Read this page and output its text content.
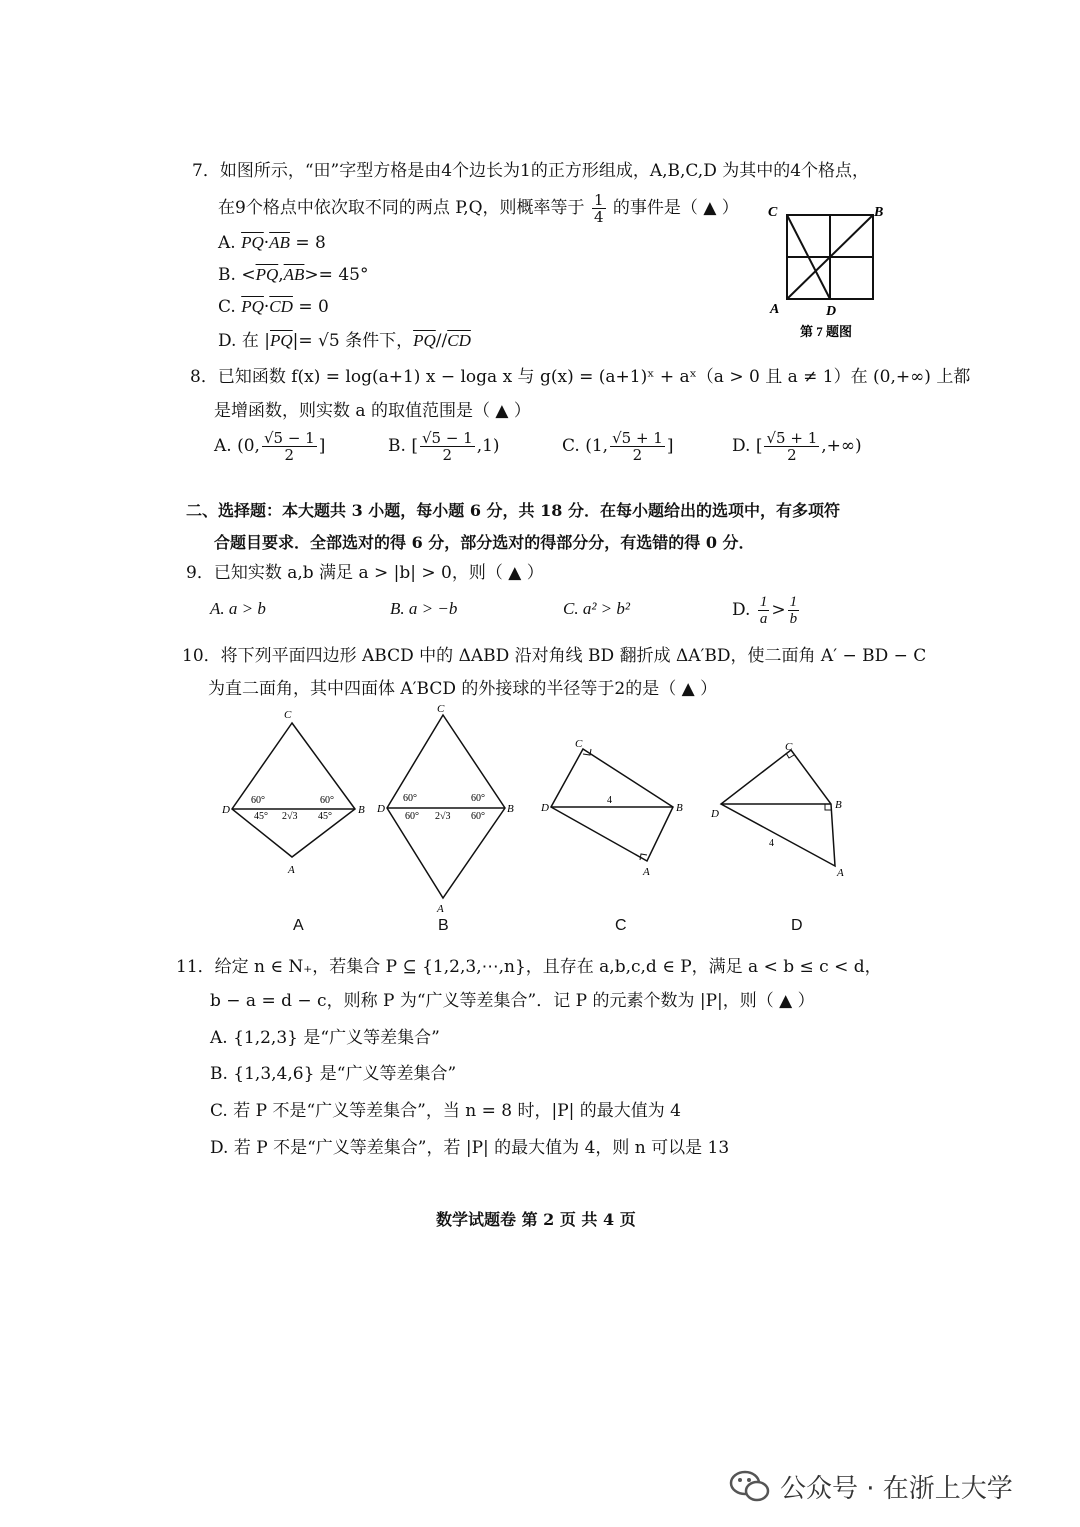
7．如图所示，“田”字型方格是由4个边长为1的正方形组成，A,B,C,D 为其中的4个格点，
在9个格点中依次取不同的两点 P,Q，则概率等于 $\frac{1}{4}$ 的事件是（ ▲ ）
A. $\overline{PQ}\cdot\overline{AB} = 8$
B. $<\overline{PQ},\overline{AB}>= 45^\circ$
C. $\overline{PQ}\cdot\overline{CD} = 0$
D. 在 $|\overline{PQ}|= √5$ 条件下，$\overline{PQ}//\overline{CD}$
C	B
A	D
第 7 题图
8．已知函数 f(x) = log(a+1) x − loga x 与 g(x) = (a+1)ˣ + aˣ（a > 0 且 a ≠ 1）在 (0,+∞) 上都
是增函数，则实数 a 的取值范围是（ ▲ ）
A. (0, $\frac{√5 - 1}{2}$ ]	B. [ $\frac{√5 - 1}{2} ,1$)	C. (1, $\frac{√5 + 1}{2}$ ]	D. [ $\frac{√5 + 1}{2}$ ,+∞)
二、选择题：本大题共 3 小题，每小题 6 分，共 18 分．在每小题给出的选项中，有多项符
合题目要求．全部选对的得 6 分，部分选对的得部分分，有选错的得 0 分．
9．已知实数 a,b 满足 a > |b| > 0，则（ ▲ ）
A. a > b	B. a > −b	C. a² > b²	D. $\frac{1}{a} > \frac{1}{b}$
10．将下列平面四边形 ABCD 中的 ΔABD 沿对角线 BD 翻折成 ΔA′BD，使二面角 A′ − BD − C
为直二面角，其中四面体 A′BCD 的外接球的半径等于2的是（ ▲ ）
C
D	B
A
60°	60°
45°	45°
2√3
A
C
D	B
A
60°	60°
60°	60°
2√3
B
C
D	B
A
4
C
C
D
B
A
4
D
11．给定 n ∈ N₊，若集合 P ⊆ {1,2,3,⋯,n}，且存在 a,b,c,d ∈ P，满足 a < b ≤ c < d，
b − a = d − c，则称 P 为“广义等差集合”．记 P 的元素个数为 |P|，则（ ▲ ）
A. {1,2,3} 是“广义等差集合”
B. {1,3,4,6} 是“广义等差集合”
C. 若 P 不是“广义等差集合”，当 n = 8 时，|P| 的最大值为 4
D. 若 P 不是“广义等差集合”，若 |P| 的最大值为 4，则 n 可以是 13
数学试题卷 第 2 页 共 4 页
公众号 · 在浙上大学
